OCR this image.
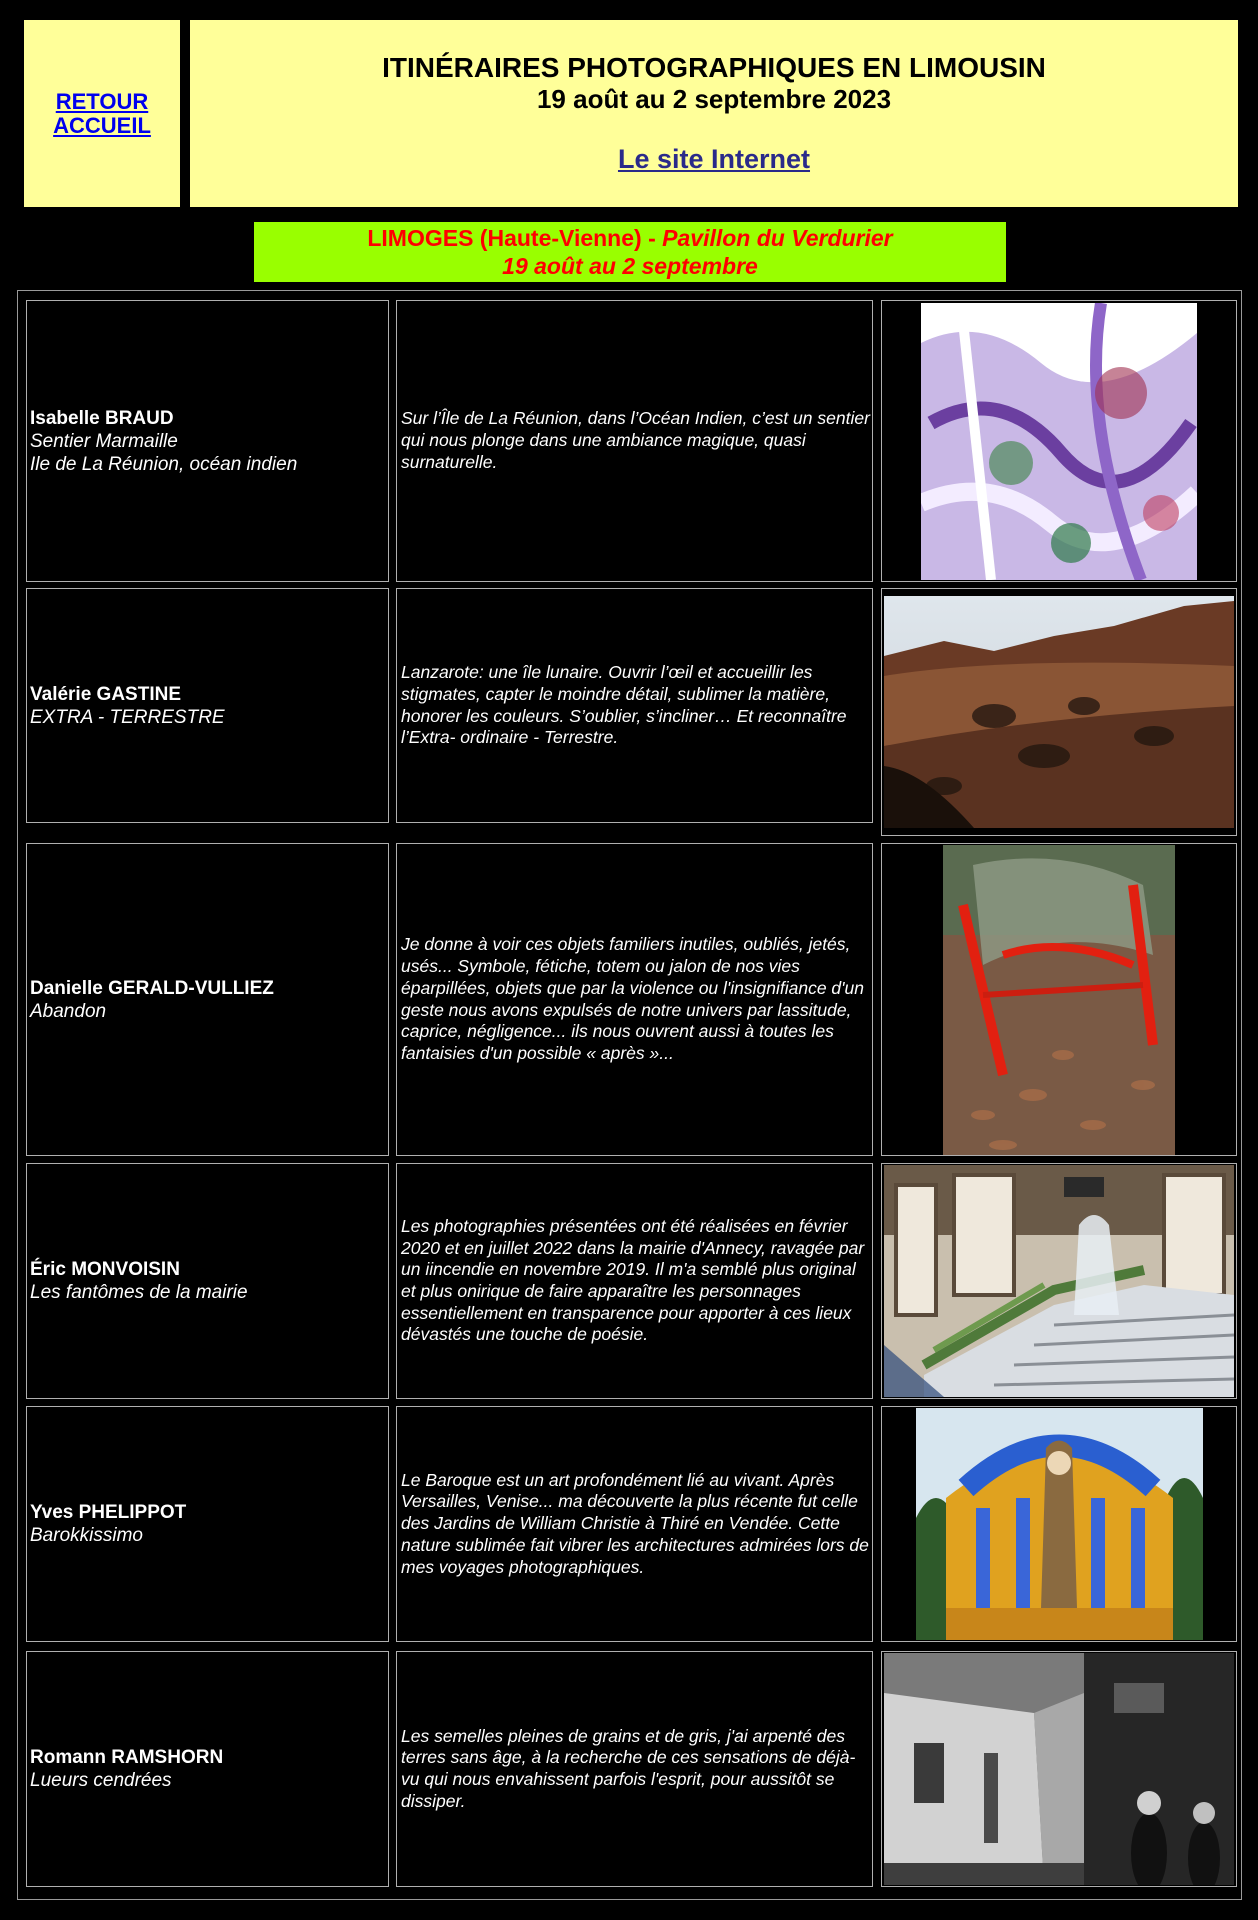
RETOUR
ACCUEIL
ITINÉRAIRES PHOTOGRAPHIQUES EN LIMOUSIN
19 août au 2 septembre 2023
Le site Internet
LIMOGES (Haute-Vienne) - Pavillon du Verdurier
19 août au 2 septembre
Isabelle BRAUD
Sentier Marmaille
Ile de La Réunion, océan indien
Sur l’Île de La Réunion, dans l’Océan Indien, c’est un sentier qui nous plonge dans une ambiance magique, quasi surnaturelle.
Valérie GASTINE
EXTRA - TERRESTRE
Lanzarote: une île lunaire. Ouvrir l’œil et accueillir les stigmates, capter le moindre détail, sublimer la matière, honorer les couleurs. S’oublier, s’incliner… Et reconnaître l’Extra- ordinaire - Terrestre.
Danielle GERALD-VULLIEZ
Abandon
Je donne à voir ces objets familiers inutiles, oubliés, jetés, usés... Symbole, fétiche, totem ou jalon de nos vies éparpillées, objets que par la violence ou l'insignifiance d'un geste nous avons expulsés de notre univers par lassitude, caprice, négligence... ils nous ouvrent aussi à toutes les fantaisies d'un possible « après »...
Éric MONVOISIN
Les fantômes de la mairie
Les photographies présentées ont été réalisées en février 2020 et en juillet 2022 dans la mairie d'Annecy, ravagée par un iincendie en novembre 2019. Il m'a semblé plus original et plus onirique de faire apparaître les personnages essentiellement en transparence pour apporter à ces lieux dévastés une touche de poésie.
Yves PHELIPPOT
Barokkissimo
Le Baroque est un art profondément lié au vivant. Après Versailles, Venise... ma découverte la plus récente fut celle des Jardins de William Christie à Thiré en Vendée. Cette nature sublimée fait vibrer les architectures admirées lors de mes voyages photographiques.
Romann RAMSHORN
Lueurs cendrées
Les semelles pleines de grains et de gris, j'ai arpenté des terres sans âge, à la recherche de ces sensations de déjà-vu qui nous envahissent parfois l'esprit, pour aussitôt se dissiper.
